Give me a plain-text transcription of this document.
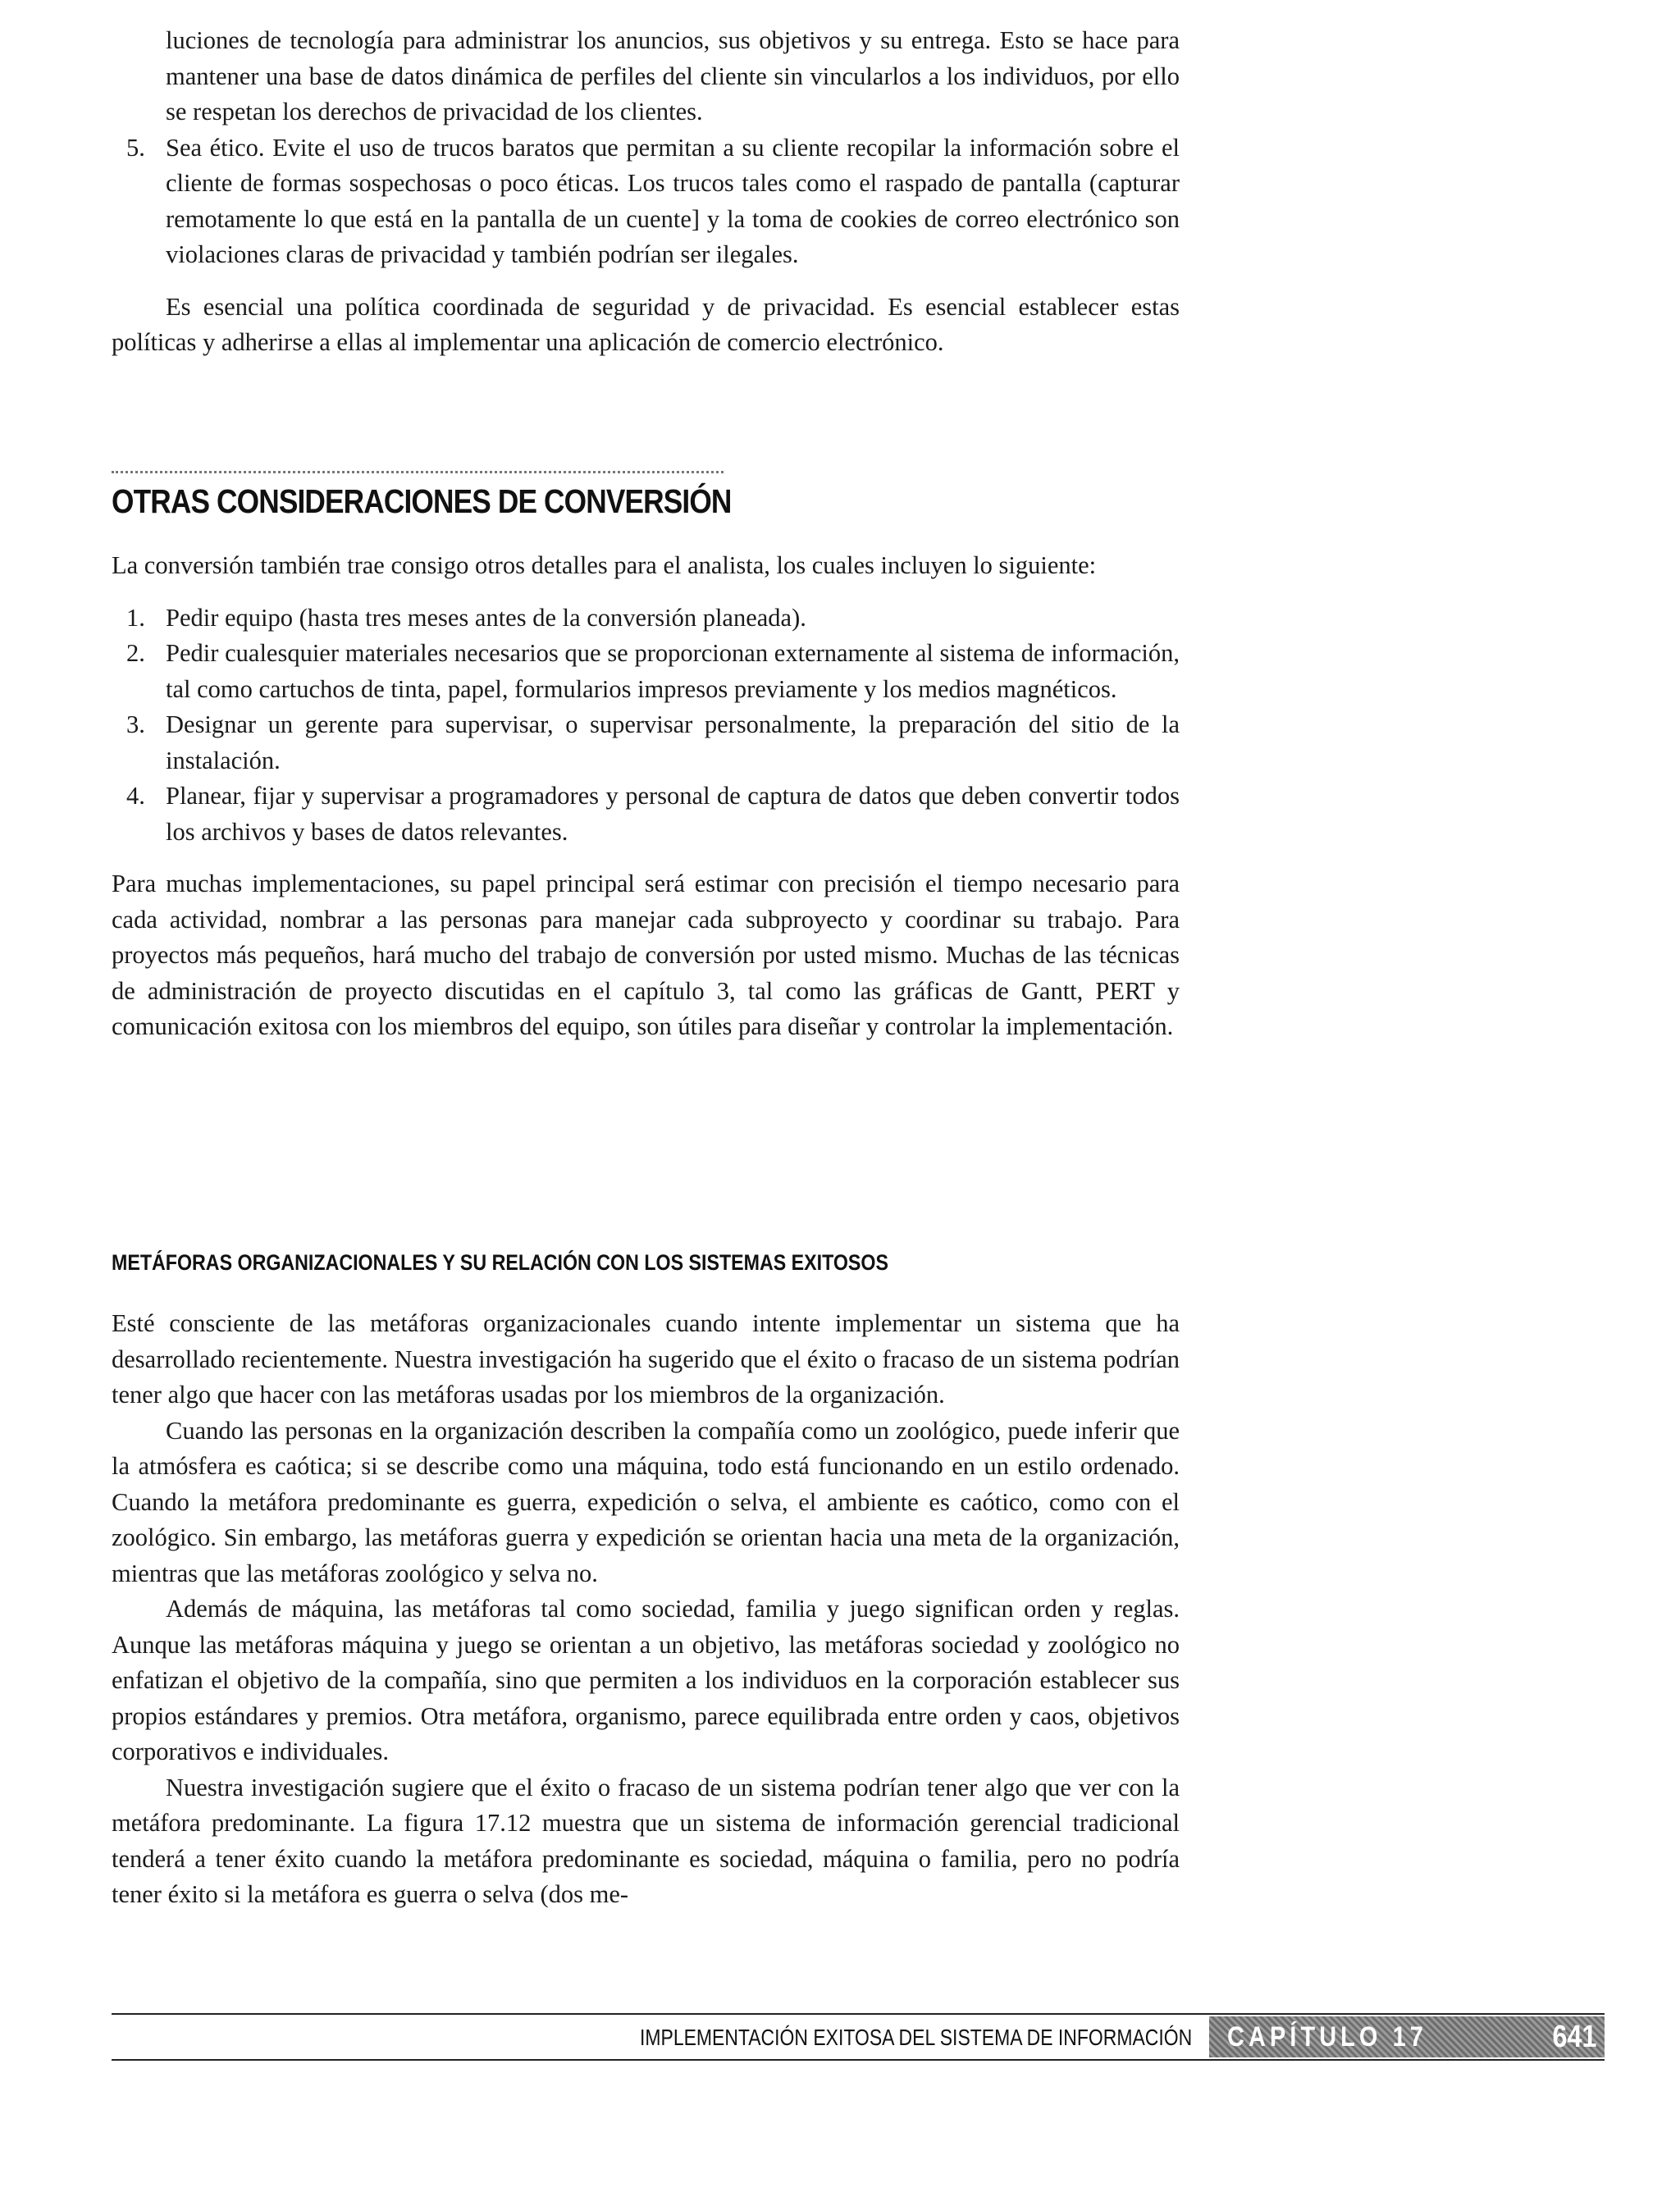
luciones de tecnología para administrar los anuncios, sus objetivos y su entrega. Esto se hace para mantener una base de datos dinámica de perfiles del cliente sin vincularlos a los individuos, por ello se respetan los derechos de privacidad de los clientes.

5. Sea ético. Evite el uso de trucos baratos que permitan a su cliente recopilar la información sobre el cliente de formas sospechosas o poco éticas. Los trucos tales como el raspado de pantalla (capturar remotamente lo que está en la pantalla de un cuente] y la toma de cookies de correo electrónico son violaciones claras de privacidad y también podrían ser ilegales.

Es esencial una política coordinada de seguridad y de privacidad. Es esencial establecer estas políticas y adherirse a ellas al implementar una aplicación de comercio electrónico.

OTRAS CONSIDERACIONES DE CONVERSIÓN

La conversión también trae consigo otros detalles para el analista, los cuales incluyen lo siguiente:

1. Pedir equipo (hasta tres meses antes de la conversión planeada).
2. Pedir cualesquier materiales necesarios que se proporcionan externamente al sistema de información, tal como cartuchos de tinta, papel, formularios impresos previamente y los medios magnéticos.
3. Designar un gerente para supervisar, o supervisar personalmente, la preparación del sitio de la instalación.
4. Planear, fijar y supervisar a programadores y personal de captura de datos que deben convertir todos los archivos y bases de datos relevantes.

Para muchas implementaciones, su papel principal será estimar con precisión el tiempo necesario para cada actividad, nombrar a las personas para manejar cada subproyecto y coordinar su trabajo. Para proyectos más pequeños, hará mucho del trabajo de conversión por usted mismo. Muchas de las técnicas de administración de proyecto discutidas en el capítulo 3, tal como las gráficas de Gantt, PERT y comunicación exitosa con los miembros del equipo, son útiles para diseñar y controlar la implementación.

METÁFORAS ORGANIZACIONALES Y SU RELACIÓN CON LOS SISTEMAS EXITOSOS

Esté consciente de las metáforas organizacionales cuando intente implementar un sistema que ha desarrollado recientemente. Nuestra investigación ha sugerido que el éxito o fracaso de un sistema podrían tener algo que hacer con las metáforas usadas por los miembros de la organización.

Cuando las personas en la organización describen la compañía como un zoológico, puede inferir que la atmósfera es caótica; si se describe como una máquina, todo está funcionando en un estilo ordenado. Cuando la metáfora predominante es guerra, expedición o selva, el ambiente es caótico, como con el zoológico. Sin embargo, las metáforas guerra y expedición se orientan hacia una meta de la organización, mientras que las metáforas zoológico y selva no.

Además de máquina, las metáforas tal como sociedad, familia y juego significan orden y reglas. Aunque las metáforas máquina y juego se orientan a un objetivo, las metáforas sociedad y zoológico no enfatizan el objetivo de la compañía, sino que permiten a los individuos en la corporación establecer sus propios estándares y premios. Otra metáfora, organismo, parece equilibrada entre orden y caos, objetivos corporativos e individuales.

Nuestra investigación sugiere que el éxito o fracaso de un sistema podrían tener algo que ver con la metáfora predominante. La figura 17.12 muestra que un sistema de información gerencial tradicional tenderá a tener éxito cuando la metáfora predominante es sociedad, máquina o familia, pero no podría tener éxito si la metáfora es guerra o selva (dos me-

IMPLEMENTACIÓN EXITOSA DEL SISTEMA DE INFORMACIÓN CAPÍTULO 17	641
